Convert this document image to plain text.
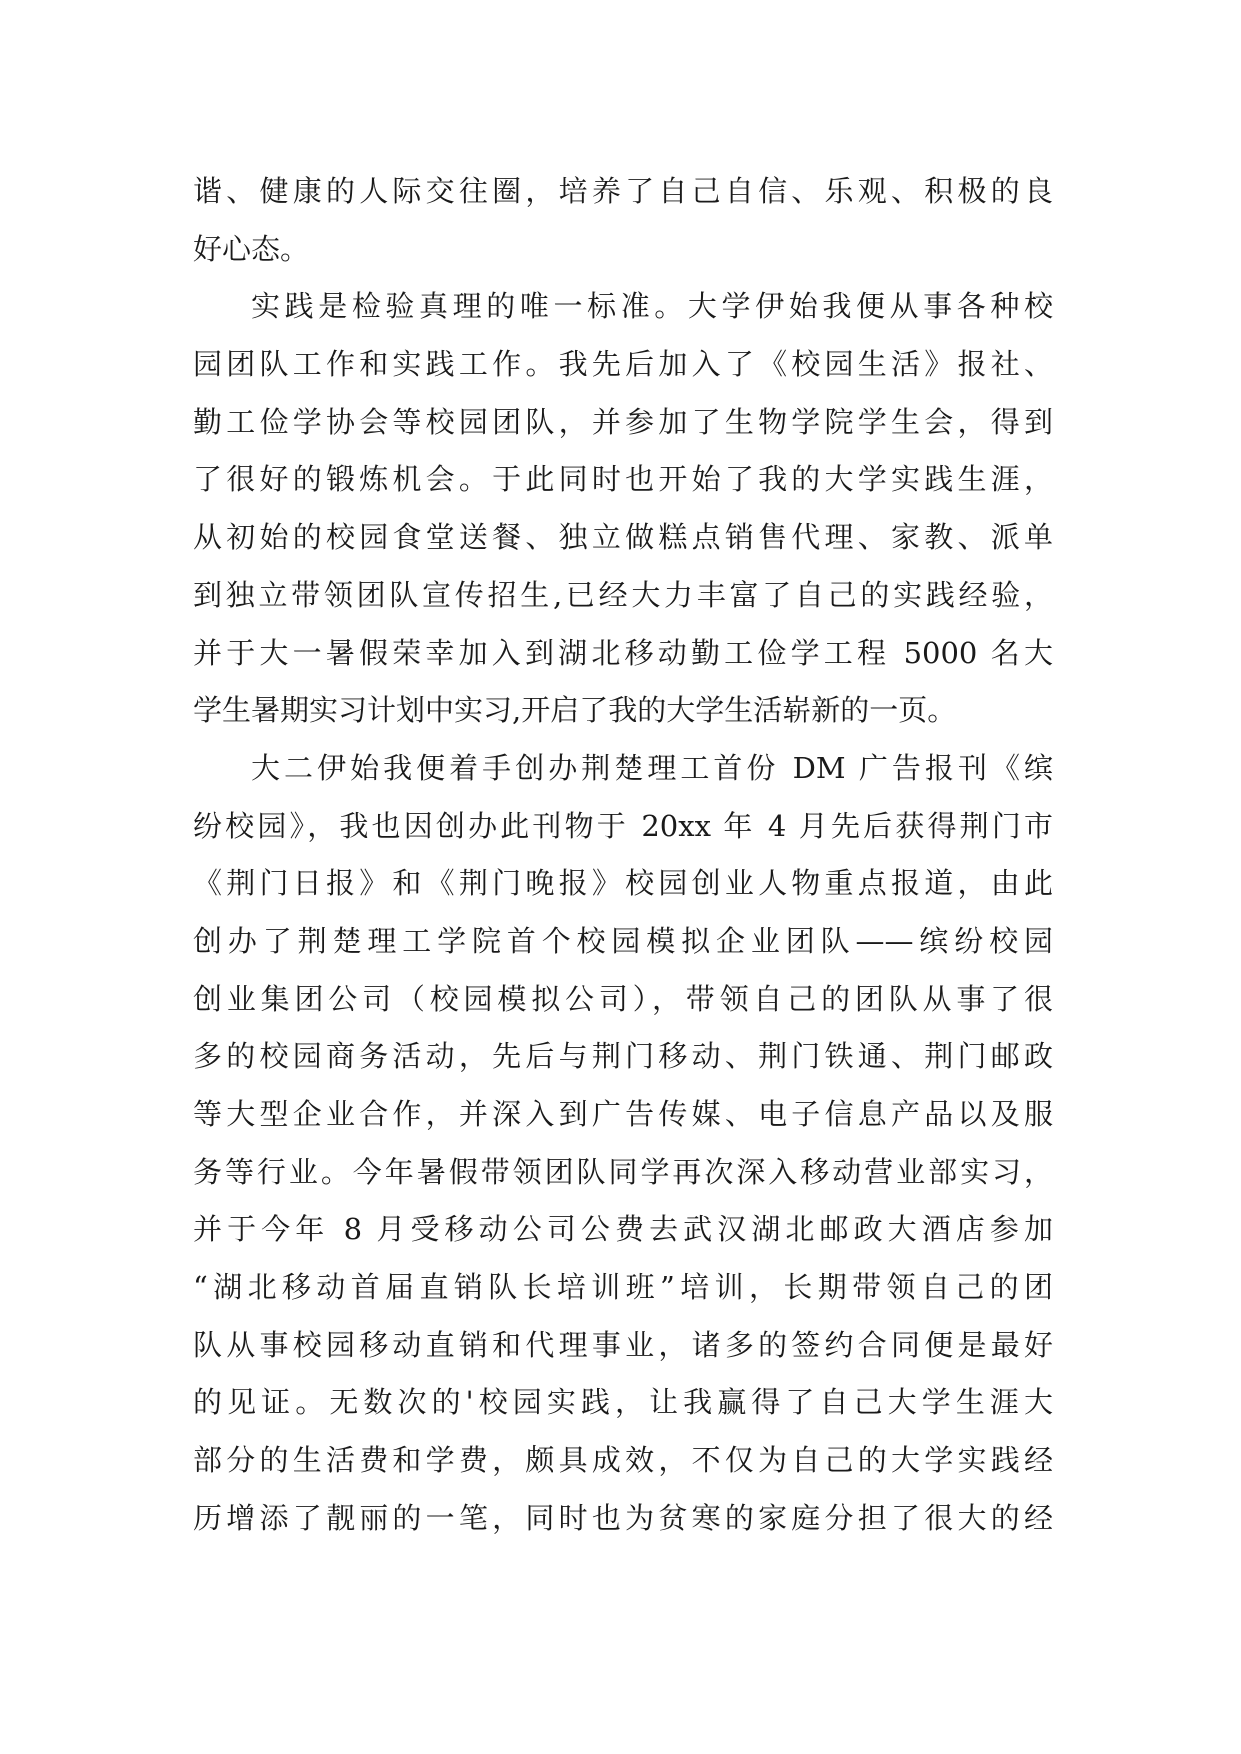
谐、健康的人际交往圈，培养了自己自信、乐观、积极的良
好心态。
实践是检验真理的唯一标准。大学伊始我便从事各种校
园团队工作和实践工作。我先后加入了《校园生活》报社、
勤工俭学协会等校园团队，并参加了生物学院学生会，得到
了很好的锻炼机会。于此同时也开始了我的大学实践生涯，
从初始的校园食堂送餐、独立做糕点销售代理、家教、派单
到独立带领团队宣传招生,已经大力丰富了自己的实践经验，
并于大一暑假荣幸加入到湖北移动勤工俭学工程 5000 名大
学生暑期实习计划中实习,开启了我的大学生活崭新的一页。
大二伊始我便着手创办荆楚理工首份 DM 广告报刊《缤
纷校园》，我也因创办此刊物于 20xx 年 4 月先后获得荆门市
《荆门日报》和《荆门晚报》校园创业人物重点报道，由此
创办了荆楚理工学院首个校园模拟企业团队——缤纷校园
创业集团公司（校园模拟公司），带领自己的团队从事了很
多的校园商务活动，先后与荆门移动、荆门铁通、荆门邮政
等大型企业合作，并深入到广告传媒、电子信息产品以及服
务等行业。今年暑假带领团队同学再次深入移动营业部实习，
并于今年 8 月受移动公司公费去武汉湖北邮政大酒店参加
“湖北移动首届直销队长培训班”培训，长期带领自己的团
队从事校园移动直销和代理事业，诸多的签约合同便是最好
的见证。无数次的'校园实践，让我赢得了自己大学生涯大
部分的生活费和学费，颇具成效，不仅为自己的大学实践经
历增添了靓丽的一笔，同时也为贫寒的家庭分担了很大的经
